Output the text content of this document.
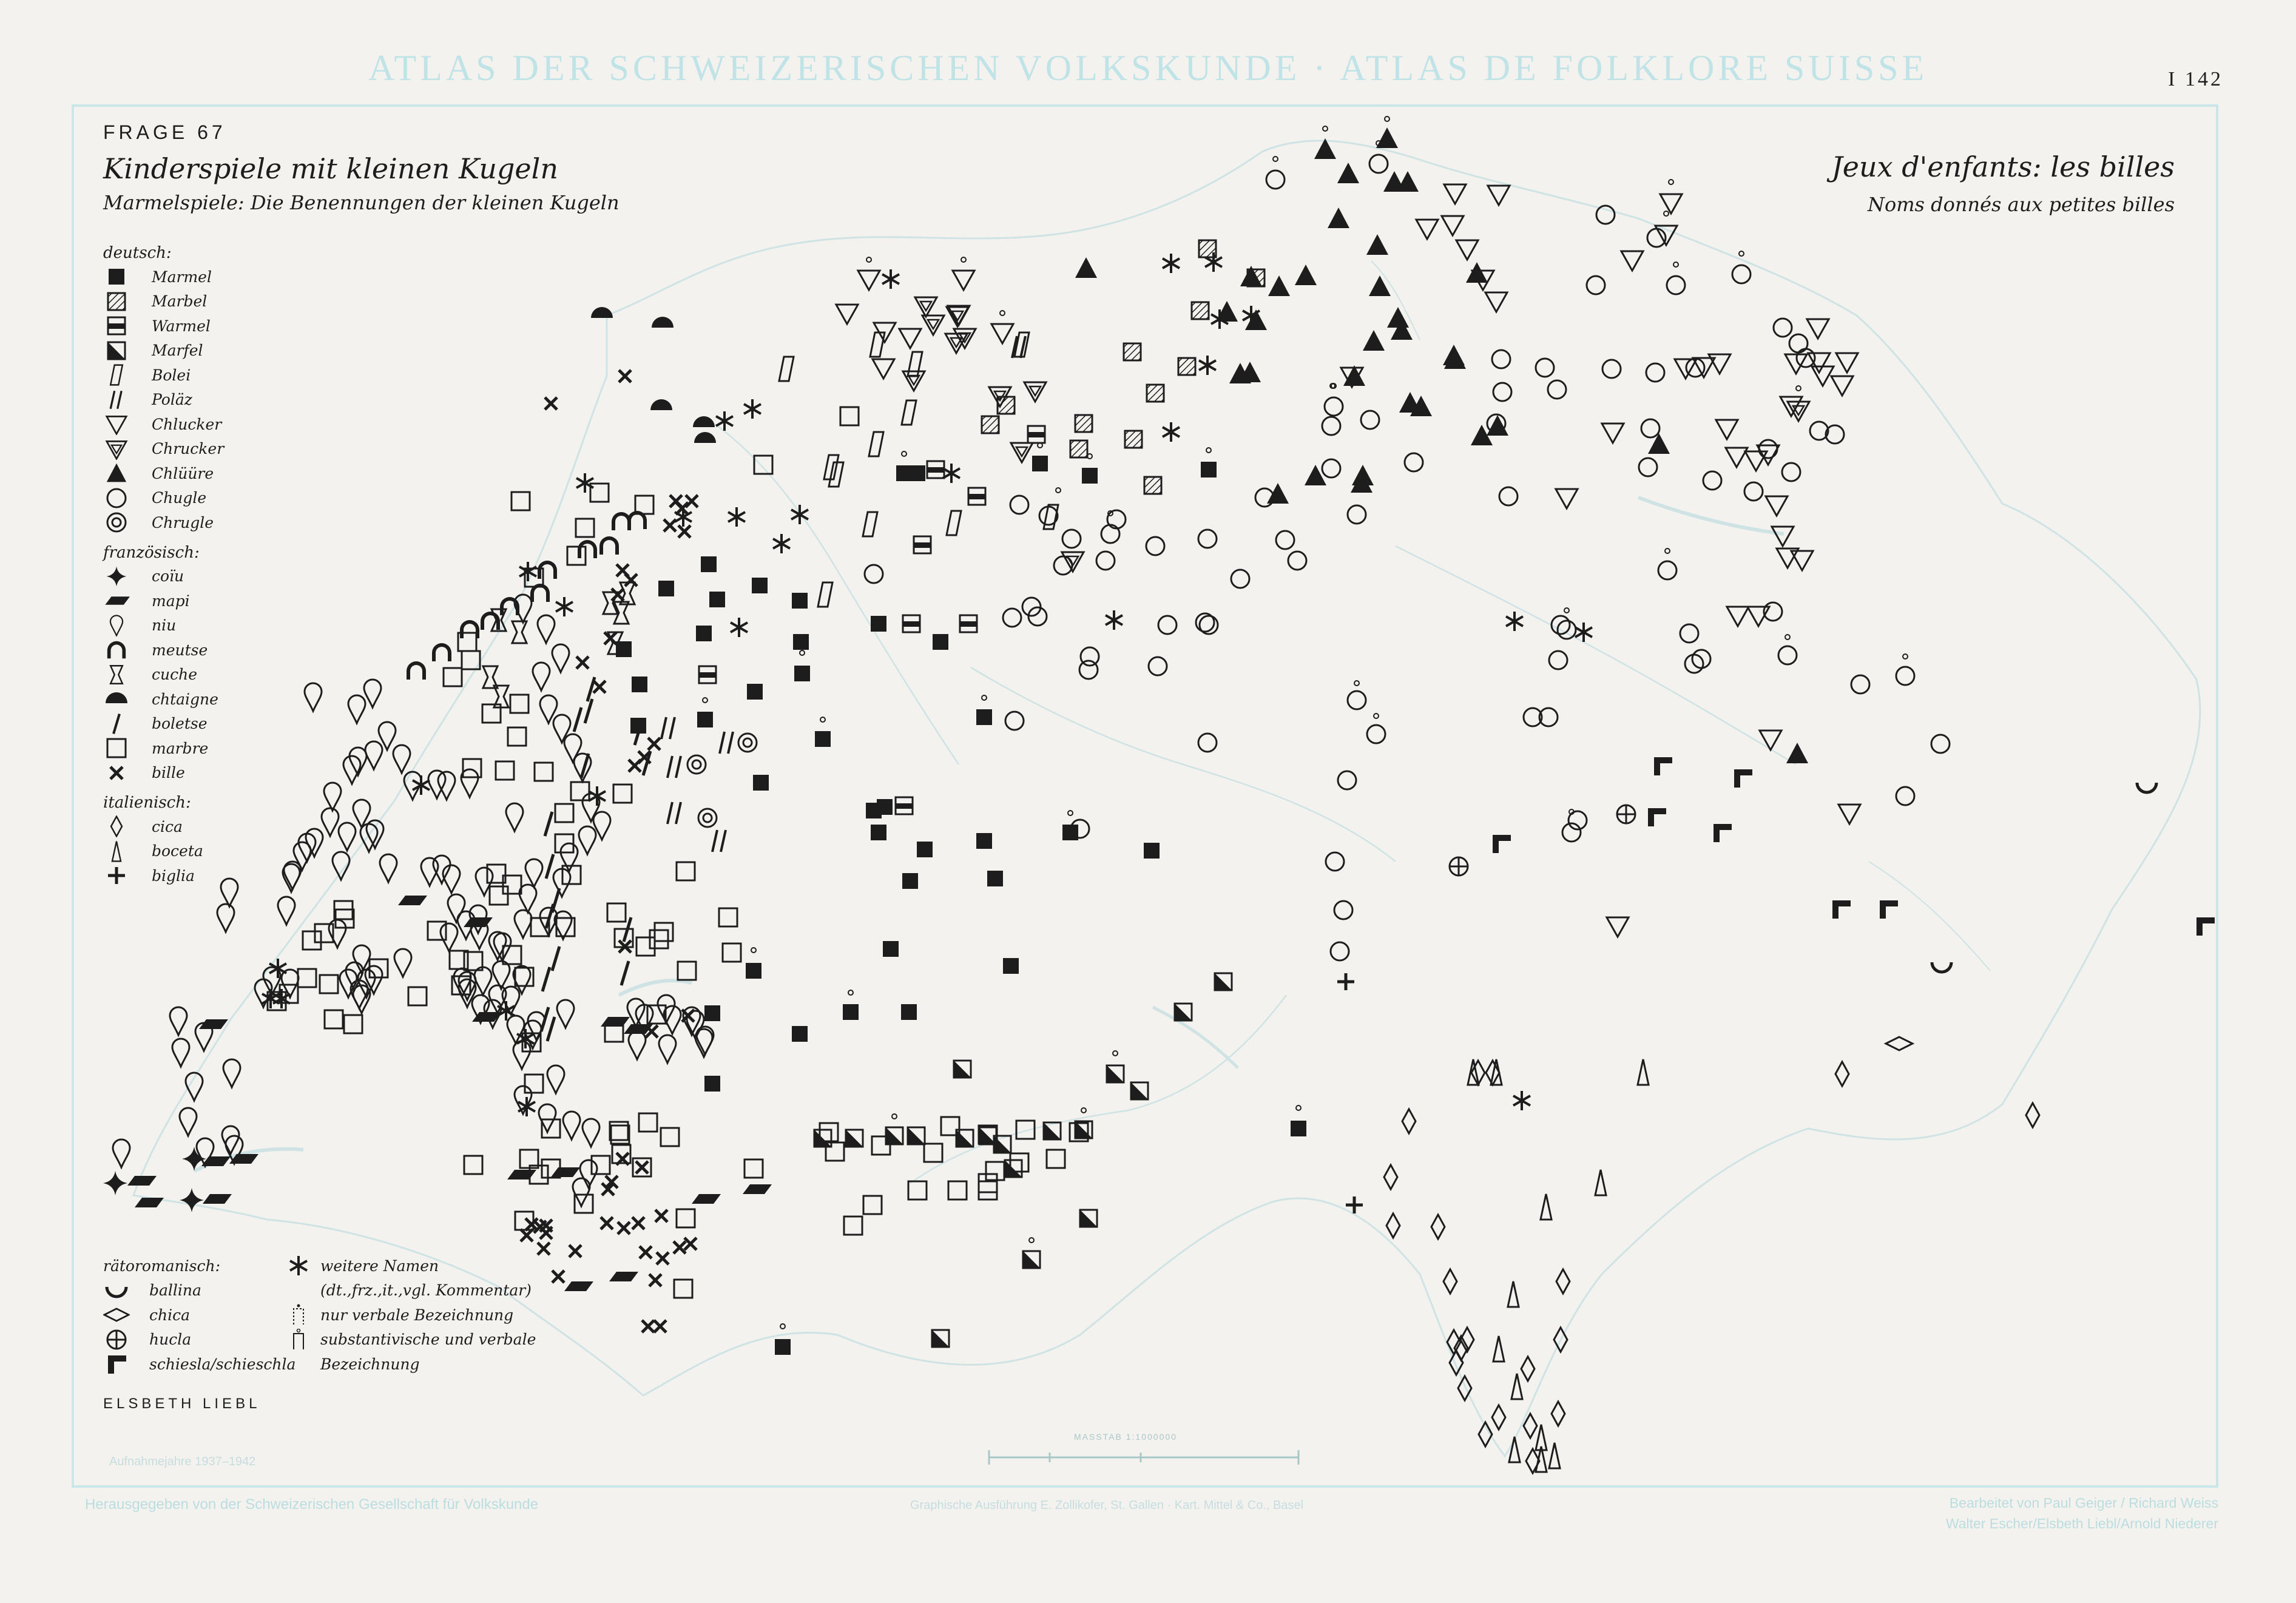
ATLAS DER SCHWEIZERISCHEN VOLKSKUNDE · ATLAS DE FOLKLORE SUISSE	I 142
MASSTAB 1:1000000
FRAGE 67
Kinderspiele mit kleinen Kugeln
Marmelspiele: Die Benennungen der kleinen Kugeln
Jeux d'enfants: les billes
Noms donnés aux petites billes
deutsch:
Marmel
Marbel
Warmel
Marfel
Bolei
Poläz
Chlucker
Chrucker
Chlüüre
Chugle
Chrugle
französisch:
coïu
mapi
niu
meutse
cuche
chtaigne
boletse
marbre
bille
italienisch:
cica
boceta
biglia
rätoromanisch:
ballina
chica
hucla
schiesla/schieschla
weitere Namen
(dt.,frz.,it.,vgl. Kommentar)
nur verbale Bezeichnung
substantivische und verbale
Bezeichnung
ELSBETH LIEBL
Aufnahmejahre 1937–1942
Herausgegeben von der Schweizerischen Gesellschaft für Volkskunde	Graphische Ausführung E. Zollikofer, St. Gallen · Kart. Mittel & Co., Basel	Bearbeitet von Paul Geiger / Richard Weiss
Walter Escher/Elsbeth Liebl/Arnold Niederer
